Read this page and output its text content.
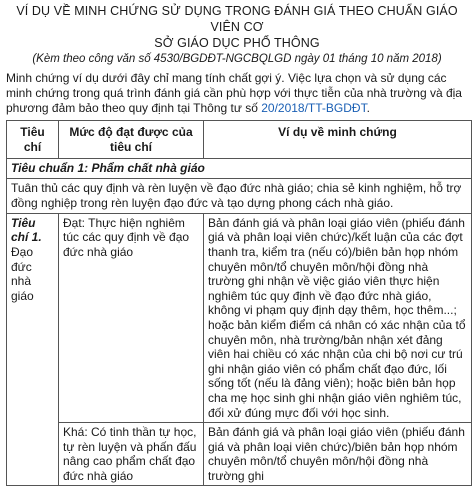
VÍ DỤ VỀ MINH CHỨNG SỬ DỤNG TRONG ĐÁNH GIÁ THEO CHUẨN GIÁO VIÊN CƠ
SỞ GIÁO DỤC PHỔ THÔNG
(Kèm theo công văn số 4530/BGDĐT-NGCBQLGD ngày 01 tháng 10 năm 2018)
Minh chứng ví dụ dưới đây chỉ mang tính chất gợi ý. Việc lựa chọn và sử dụng các minh chứng trong quá trình đánh giá cần phù hợp với thực tiễn của nhà trường và địa phương đảm bảo theo quy định tại Thông tư số 20/2018/TT-BGDĐT.
Tiêu chí	Mức độ đạt được của tiêu chí	Ví dụ về minh chứng
Tiêu chuẩn 1: Phẩm chất nhà giáo		
Tuân thủ các quy định và rèn luyện về đạo đức nhà giáo; chia sẻ kinh nghiệm, hỗ trợ đồng nghiệp trong rèn luyện đạo đức và tạo dựng phong cách nhà giáo.		

Tiêu chí 1.
Đạo đức nhà giáo	Đạt: Thực hiện nghiêm túc các quy định về đạo đức nhà giáo	Bản đánh giá và phân loại giáo viên (phiếu đánh giá và phân loại viên chức)/kết luận của các đợt thanh tra, kiểm tra (nếu có)/biên bản họp nhóm chuyên môn/tổ chuyên môn/hội đồng nhà trường ghi nhận về việc giáo viên thực hiện nghiêm túc quy định về đạo đức nhà giáo, không vi phạm quy định dạy thêm, học thêm...; hoặc bản kiểm điểm cá nhân có xác nhận của tổ chuyên môn, nhà trường/bản nhận xét đảng viên hai chiều có xác nhận của chi bộ nơi cư trú ghi nhận giáo viên có phẩm chất đạo đức, lối sống tốt (nếu là đảng viên); hoặc biên bản họp cha mẹ học sinh ghi nhận giáo viên nghiêm túc, đối xử đúng mực đối với học sinh.
	Khá: Có tinh thần tự học, tự rèn luyện và phấn đấu nâng cao phẩm chất đạo đức nhà giáo	Bản đánh giá và phân loại giáo viên (phiếu đánh giá và phân loại viên chức)/biên bản họp nhóm chuyên môn/tổ chuyên môn/hội đồng nhà trường ghi
